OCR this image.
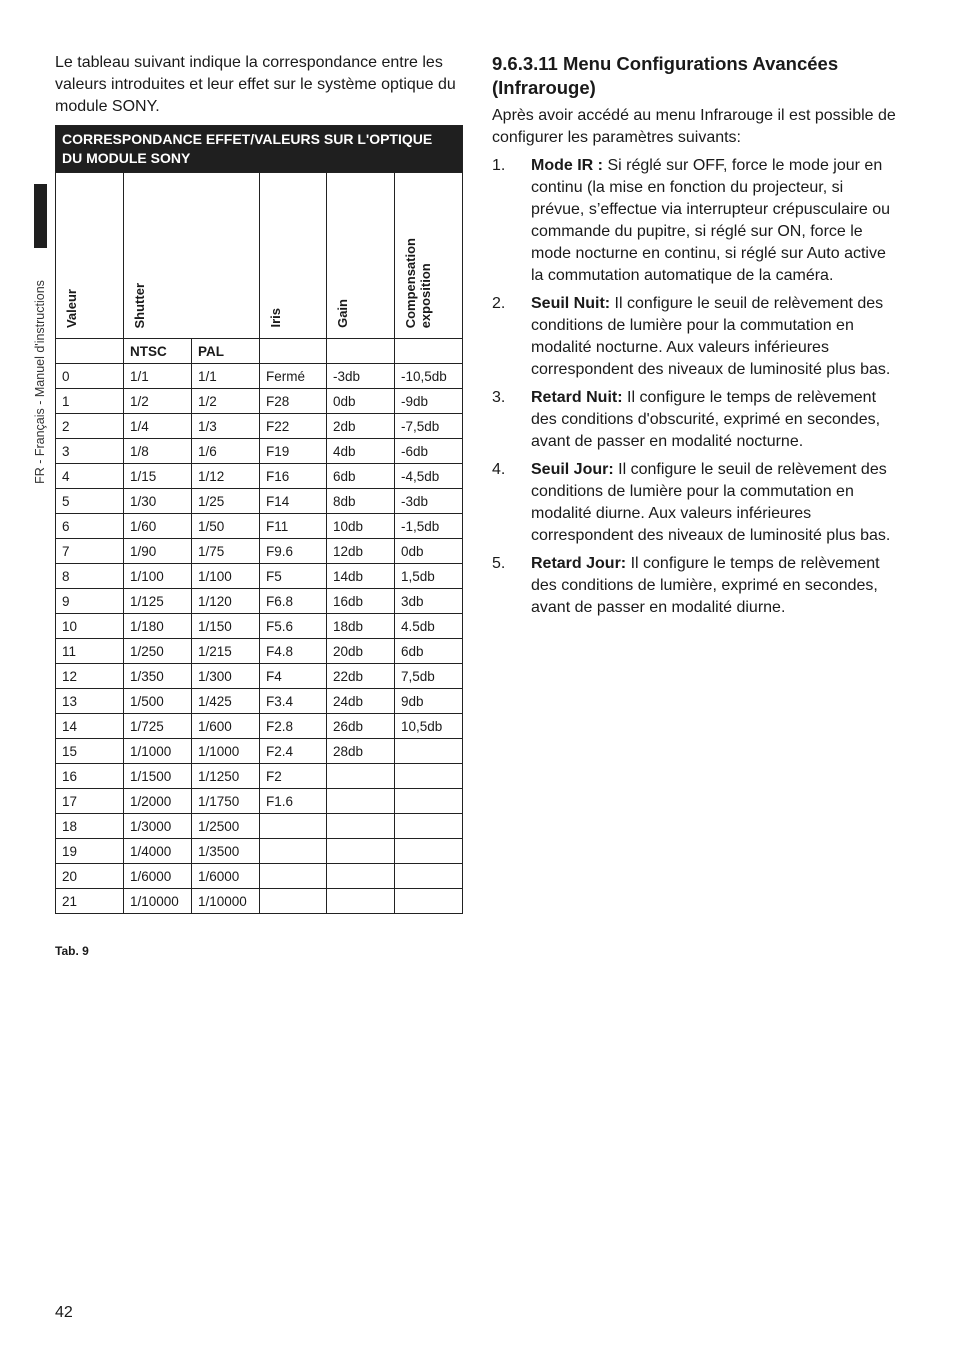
FR - Français - Manuel d'instructions

Le tableau suivant indique la correspondance entre les valeurs introduites et leur effet sur le système optique du module SONY.

CORRESPONDANCE EFFET/VALEURS SUR L'OPTIQUE DU MODULE SONY					
Valeur	Shutter		Iris	Gain	Compensation
exposition
	NTSC	PAL			
0	1/1	1/1	Fermé	-3db	-10,5db
1	1/2	1/2	F28	0db	-9db
2	1/4	1/3	F22	2db	-7,5db
3	1/8	1/6	F19	4db	-6db
4	1/15	1/12	F16	6db	-4,5db
5	1/30	1/25	F14	8db	-3db
6	1/60	1/50	F11	10db	-1,5db
7	1/90	1/75	F9.6	12db	0db
8	1/100	1/100	F5	14db	1,5db
9	1/125	1/120	F6.8	16db	3db
10	1/180	1/150	F5.6	18db	4.5db
11	1/250	1/215	F4.8	20db	6db
12	1/350	1/300	F4	22db	7,5db
13	1/500	1/425	F3.4	24db	9db
14	1/725	1/600	F2.8	26db	10,5db
15	1/1000	1/1000	F2.4	28db	
16	1/1500	1/1250	F2		
17	1/2000	1/1750	F1.6		
18	1/3000	1/2500			
19	1/4000	1/3500			
20	1/6000	1/6000			
21	1/10000	1/10000			

Tab. 9

9.6.3.11 Menu Configurations Avancées (Infrarouge)

Après avoir accédé au menu Infrarouge il est possible de configurer les paramètres suivants:

1.	Mode IR : Si réglé sur OFF, force le mode jour en continu (la mise en fonction du projecteur, si prévue, s’effectue via interrupteur crépusculaire ou commande du pupitre, si réglé sur ON, force le mode nocturne en continu, si réglé sur Auto active la commutation automatique de la caméra.
2.	Seuil Nuit: Il configure le seuil de relèvement des conditions de lumière pour la commutation en modalité nocturne. Aux valeurs inférieures correspondent des niveaux de luminosité plus bas.
3.	Retard Nuit: Il configure le temps de relèvement des conditions d'obscurité, exprimé en secondes, avant de passer en modalité nocturne.
4.	Seuil Jour: Il configure le seuil de relèvement des conditions de lumière pour la commutation en modalité diurne. Aux valeurs inférieures correspondent des niveaux de luminosité plus bas.
5.	Retard Jour: Il configure le temps de relèvement des conditions de lumière, exprimé en secondes, avant de passer en modalité diurne.

42
